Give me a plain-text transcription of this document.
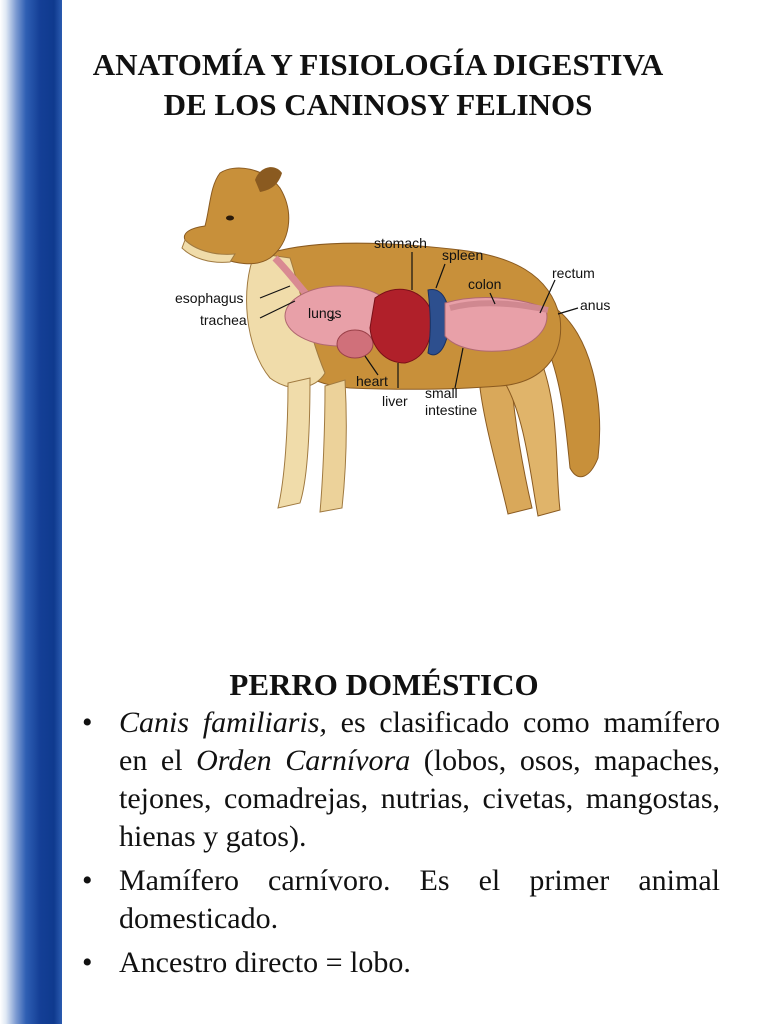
ANATOMÍA Y FISIOLOGÍA DIGESTIVA DE LOS CANINOSY FELINOS
stomach
spleen
rectum
colon
anus
esophagus
trachea	lungs
heart
liver small
intestine
PERRO DOMÉSTICO
• Canis familiaris, es clasificado como mamífero en el Orden Carnívora (lobos, osos, mapaches, tejones, comadrejas, nutrias, civetas, mangostas, hienas y gatos).
• Mamífero carnívoro. Es el primer animal domesticado.
• Ancestro directo = lobo.
